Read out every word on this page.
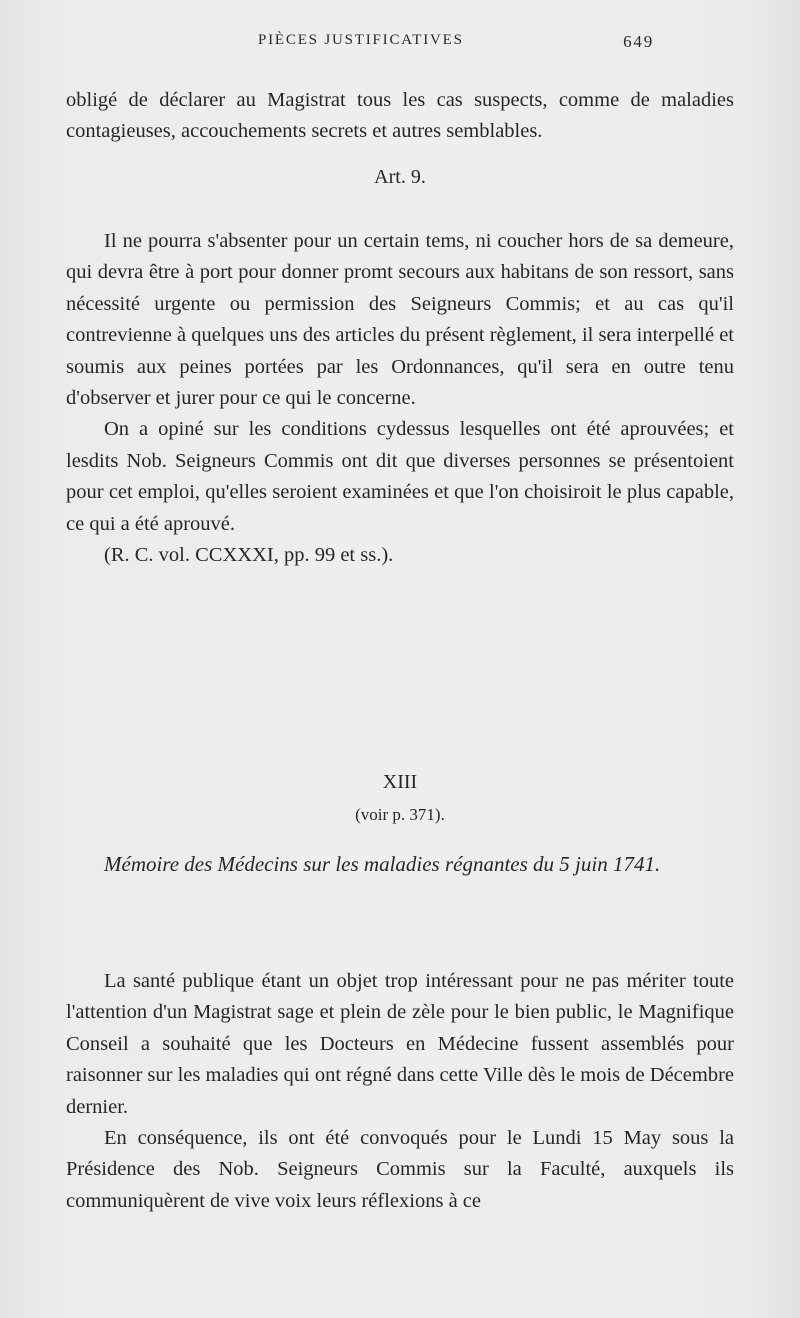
PIÈCES JUSTIFICATIVES	649

obligé de déclarer au Magistrat tous les cas suspects, comme de maladies contagieuses, accouchements secrets et autres semblables.

Art. 9.

Il ne pourra s'absenter pour un certain tems, ni coucher hors de sa demeure, qui devra être à port pour donner promt secours aux habitans de son ressort, sans nécessité urgente ou permission des Seigneurs Commis; et au cas qu'il contrevienne à quelques uns des articles du présent règlement, il sera interpellé et soumis aux peines portées par les Ordonnances, qu'il sera en outre tenu d'observer et jurer pour ce qui le concerne.

On a opiné sur les conditions cydessus lesquelles ont été aprouvées; et lesdits Nob. Seigneurs Commis ont dit que diverses personnes se présentoient pour cet emploi, qu'elles seroient examinées et que l'on choisiroit le plus capable, ce qui a été aprouvé.

(R. C. vol. CCXXXI, pp. 99 et ss.).

XIII
(voir p. 371).

Mémoire des Médecins sur les maladies régnantes du 5 juin 1741.

La santé publique étant un objet trop intéressant pour ne pas mériter toute l'attention d'un Magistrat sage et plein de zèle pour le bien public, le Magnifique Conseil a souhaité que les Docteurs en Médecine fussent assemblés pour raisonner sur les maladies qui ont régné dans cette Ville dès le mois de Décembre dernier.

En conséquence, ils ont été convoqués pour le Lundi 15 May sous la Présidence des Nob. Seigneurs Commis sur la Faculté, auxquels ils communiquèrent de vive voix leurs réflexions à ce
